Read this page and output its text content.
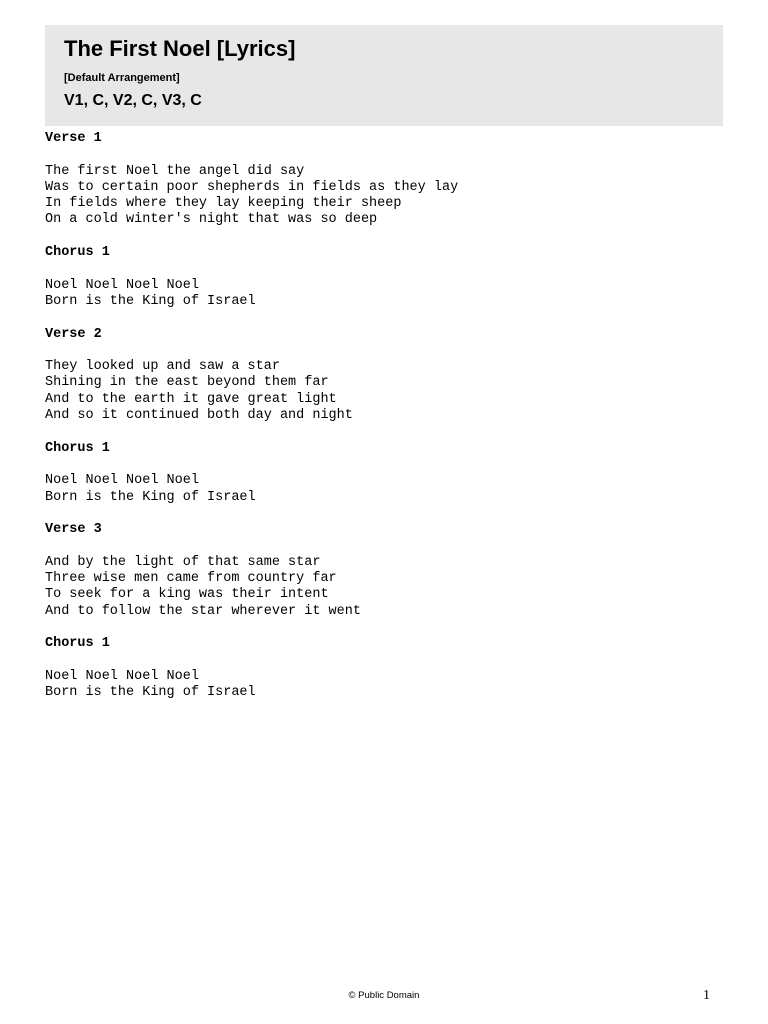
The First Noel [Lyrics]
[Default Arrangement]
V1, C, V2, C, V3, C
Verse 1
The first Noel the angel did say
Was to certain poor shepherds in fields as they lay
In fields where they lay keeping their sheep
On a cold winter's night that was so deep
Chorus 1
Noel Noel Noel Noel
Born is the King of Israel
Verse 2
They looked up and saw a star
Shining in the east beyond them far
And to the earth it gave great light
And so it continued both day and night
Chorus 1
Noel Noel Noel Noel
Born is the King of Israel
Verse 3
And by the light of that same star
Three wise men came from country far
To seek for a king was their intent
And to follow the star wherever it went
Chorus 1
Noel Noel Noel Noel
Born is the King of Israel
© Public Domain	1
